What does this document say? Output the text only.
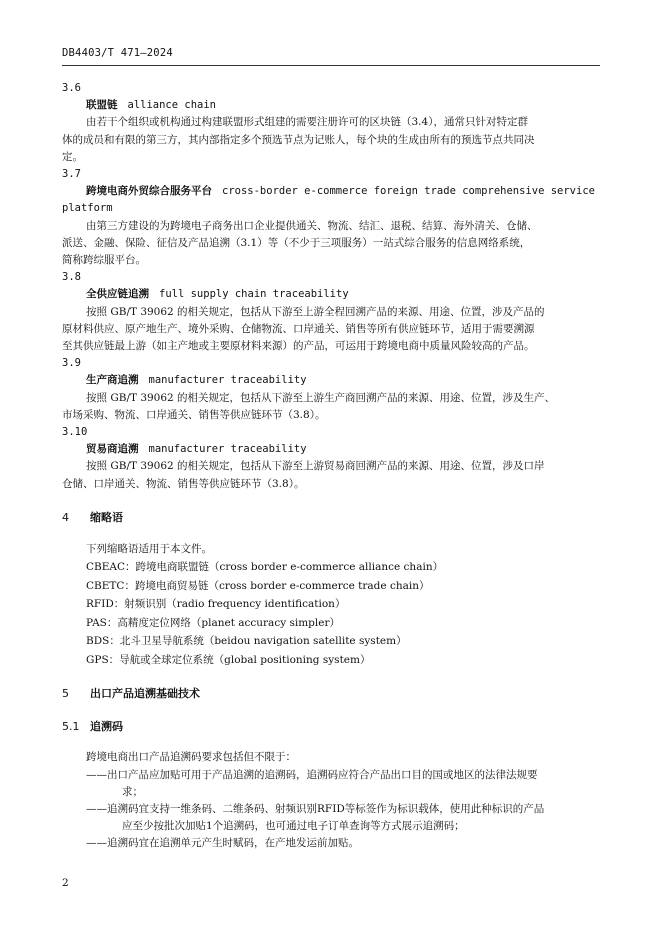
DB4403/T 471—2024
3.6
联盟链 alliance chain
由若干个组织或机构通过构建联盟形式组建的需要注册许可的区块链（3.4），通常只针对特定群
体的成员和有限的第三方，其内部指定多个预选节点为记账人，每个块的生成由所有的预选节点共同决
定。
3.7
跨境电商外贸综合服务平台 cross-border e-commerce foreign trade comprehensive service
platform
由第三方建设的为跨境电子商务出口企业提供通关、物流、结汇、退税、结算、海外清关、仓储、
派送、金融、保险、征信及产品追溯（3.1）等（不少于三项服务）一站式综合服务的信息网络系统，
简称跨综服平台。
3.8
全供应链追溯 full supply chain traceability
按照 GB/T 39062 的相关规定，包括从下游至上游全程回溯产品的来源、用途、位置，涉及产品的
原材料供应、原产地生产、境外采购、仓储物流、口岸通关、销售等所有供应链环节，适用于需要溯源
至其供应链最上游（如主产地或主要原材料来源）的产品，可运用于跨境电商中质量风险较高的产品。
3.9
生产商追溯 manufacturer traceability
按照 GB/T 39062 的相关规定，包括从下游至上游生产商回溯产品的来源、用途、位置，涉及生产、
市场采购、物流、口岸通关、销售等供应链环节（3.8）。
3.10
贸易商追溯 manufacturer traceability
按照 GB/T 39062 的相关规定，包括从下游至上游贸易商回溯产品的来源、用途、位置，涉及口岸
仓储、口岸通关、物流、销售等供应链环节（3.8）。
4 缩略语
下列缩略语适用于本文件。
CBEAC：跨境电商联盟链（cross border e-commerce alliance chain）
CBETC：跨境电商贸易链（cross border e-commerce trade chain）
RFID：射频识别（radio frequency identification）
PAS：高精度定位网络（planet accuracy simpler）
BDS：北斗卫星导航系统（beidou navigation satellite system）
GPS：导航或全球定位系统（global positioning system）
5 出口产品追溯基础技术
5.1 追溯码
跨境电商出口产品追溯码要求包括但不限于：
——出口产品应加贴可用于产品追溯的追溯码，追溯码应符合产品出口目的国或地区的法律法规要
求；
——追溯码宜支持一维条码、二维条码、射频识别RFID等标签作为标识载体，使用此种标识的产品
应至少按批次加贴1个追溯码，也可通过电子订单查询等方式展示追溯码；
——追溯码宜在追溯单元产生时赋码，在产地发运前加贴。
2
